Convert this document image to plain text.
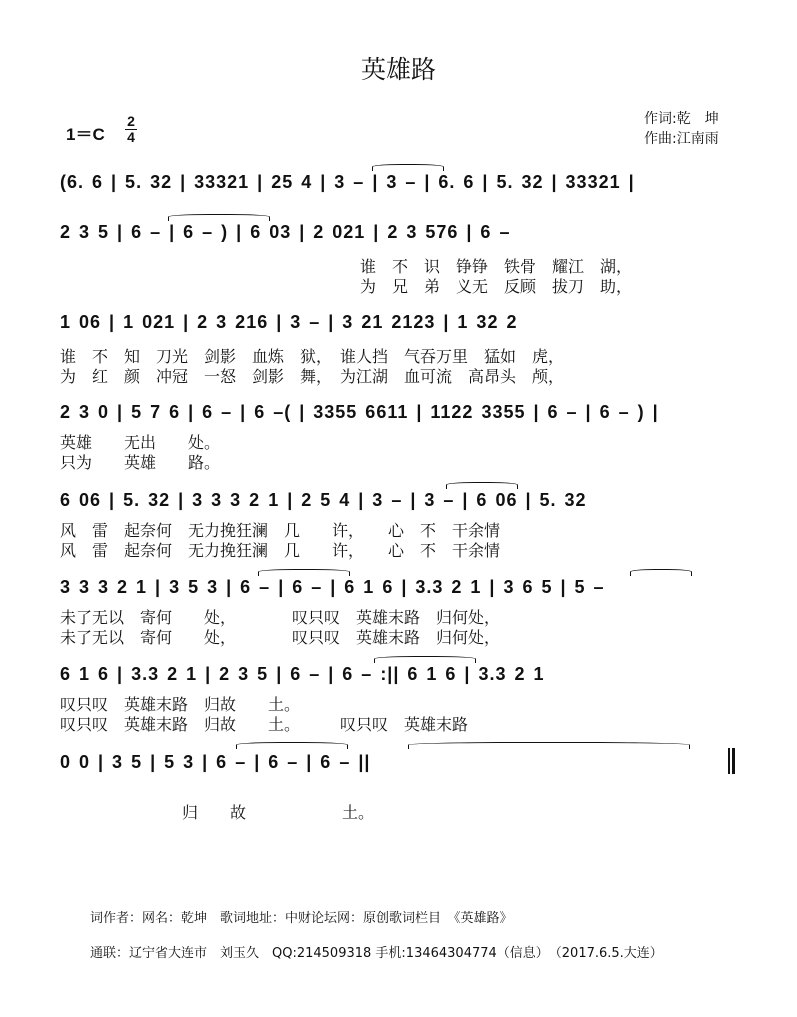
英雄路
1＝C
2
4
作词:乾　坤
作曲:江南雨
(6. 6 | 5. 32 | 33321 | 25 4 | 3 – | 3 – | 6. 6 | 5. 32 | 33321 |
2 3 5 | 6 – | 6 – ) | 6 03 | 2 021 | 2 3 576 | 6 –
谁　不　识　铮铮　铁骨　耀江　湖，
为　兄　弟　义无　反顾　拔刀　助，
1 06 | 1 021 | 2 3 216 | 3 – | 3 21 2123 | 1 32 2
谁　不　知　刀光　剑影　血炼　狱，　谁人挡　气吞万里　猛如　虎，
为　红　颜　冲冠　一怒　剑影　舞，　为江湖　血可流　高昂头　颅，
2 3 0 | 5 7 6 | 6 – | 6 –( | 3355 6611 | 1122 3355 | 6 – | 6 – ) |
英雄　　无出　　处。
只为　　英雄　　路。
6 06 | 5. 32 | 3 3 3 2 1 | 2 5 4 | 3 – | 3 – | 6 06 | 5. 32
风　雷　起奈何　无力挽狂澜　几　　许，　　心　不　干余情
风　雷　起奈何　无力挽狂澜　几　　许，　　心　不　干余情
3 3 3 2 1 | 3 5 3 | 6 – | 6 – | 6 1 6 | 3.3 2 1 | 3 6 5 | 5 –
未了无以　寄何　　处，　　　　叹只叹　英雄末路　归何处，
未了无以　寄何　　处，　　　　叹只叹　英雄末路　归何处，
6 1 6 | 3.3 2 1 | 2 3 5 | 6 – | 6 – :|| 6 1 6 | 3.3 2 1
叹只叹　英雄末路　归故　　土。
叹只叹　英雄末路　归故　　土。　　　叹只叹　英雄末路
0 0 | 3 5 | 5 3 | 6 – | 6 – | 6 – ||
归　　故　　　　　　土。
词作者：网名：乾坤　歌词地址：中财论坛网：原创歌词栏目　《英雄路》
通联：辽宁省大连市　刘玉久　QQ:214509318 手机:13464304774（信息）　（2017.6.5.大连）
